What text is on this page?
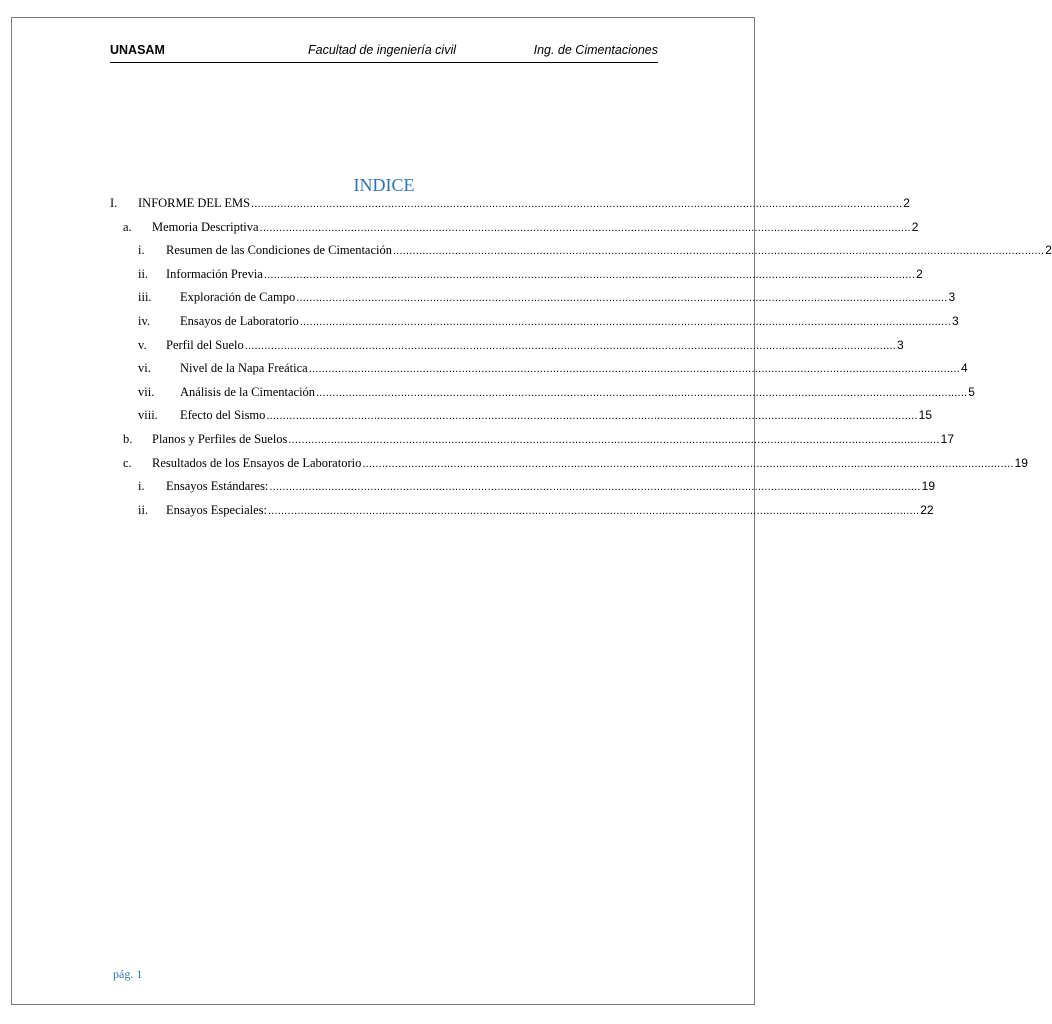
UNASAM	Facultad de ingeniería civil	Ing. de Cimentaciones
INDICE
I. INFORME DEL EMS ........................................................................................................................................................................................................ 2
a. Memoria Descriptiva ........................................................................................................................................................................................................ 2
i. Resumen de las Condiciones de Cimentación ........................................................................................................................................................................................................ 2
ii. Información Previa ........................................................................................................................................................................................................ 2
iii. Exploración de Campo ........................................................................................................................................................................................................ 3
iv. Ensayos de Laboratorio ........................................................................................................................................................................................................ 3
v. Perfil del Suelo ........................................................................................................................................................................................................ 3
vi. Nivel de la Napa Freática ........................................................................................................................................................................................................ 4
vii. Análisis de la Cimentación ........................................................................................................................................................................................................ 5
viii. Efecto del Sismo ........................................................................................................................................................................................................ 15
b. Planos y Perfiles de Suelos ........................................................................................................................................................................................................ 17
c. Resultados de los Ensayos de Laboratorio ........................................................................................................................................................................................................ 19
i. Ensayos Estándares: ........................................................................................................................................................................................................ 19
ii. Ensayos Especiales: ........................................................................................................................................................................................................ 22
pág. 1
